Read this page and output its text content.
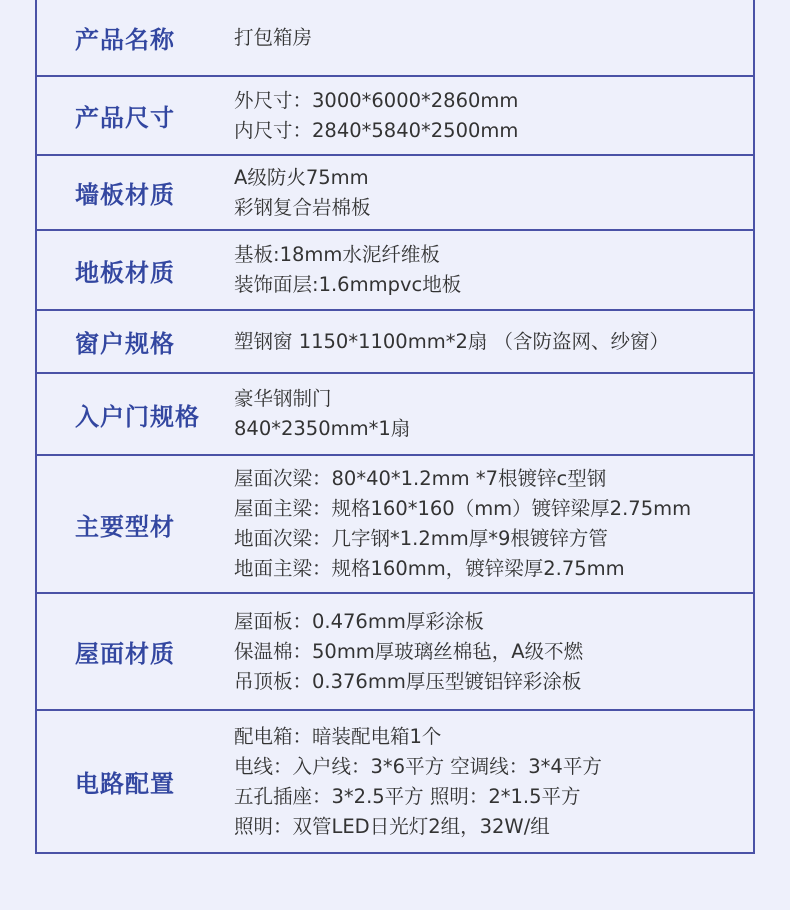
产品名称	打包箱房
产品尺寸
外尺寸：3000*6000*2860mm
内尺寸：2840*5840*2500mm
墙板材质
A级防火75mm
彩钢复合岩棉板
地板材质
基板:18mm水泥纤维板
装饰面层:1.6mmpvc地板
窗户规格	塑钢窗 1150*1100mm*2扇 （含防盗网、纱窗）
入户门规格
豪华钢制门
840*2350mm*1扇
主要型材
屋面次梁：80*40*1.2mm *7根镀锌c型钢
屋面主梁：规格160*160（mm）镀锌梁厚2.75mm
地面次梁：几字钢*1.2mm厚*9根镀锌方管
地面主梁：规格160mm，镀锌梁厚2.75mm
屋面材质
屋面板：0.476mm厚彩涂板
保温棉：50mm厚玻璃丝棉毡，A级不燃
吊顶板：0.376mm厚压型镀铝锌彩涂板
电路配置
配电箱：暗装配电箱1个
电线：入户线：3*6平方 空调线：3*4平方
五孔插座：3*2.5平方 照明：2*1.5平方
照明：双管LED日光灯2组，32W/组
